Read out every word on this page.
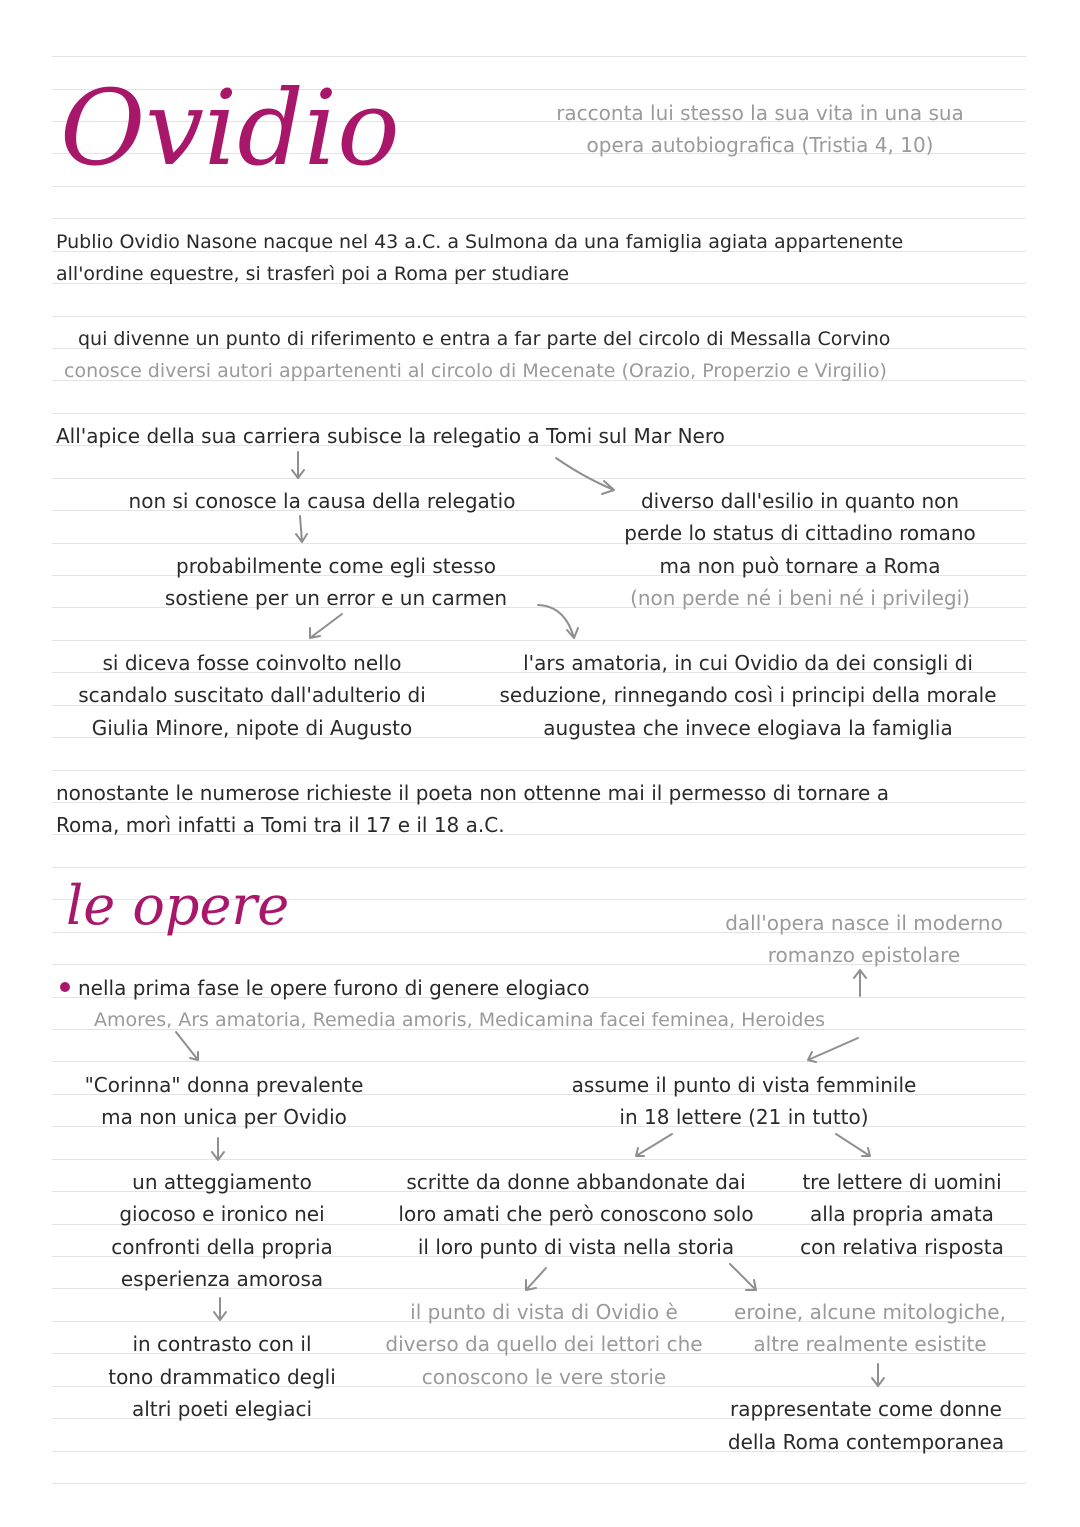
Ovidio	racconta lui stesso la sua vita in una sua
opera autobiografica (Tristia 4, 10)
Publio Ovidio Nasone nacque nel 43 a.C. a Sulmona da una famiglia agiata appartenente
all'ordine equestre, si trasferì poi a Roma per studiare
qui divenne un punto di riferimento e entra a far parte del circolo di Messalla Corvino
conosce diversi autori appartenenti al circolo di Mecenate (Orazio, Properzio e Virgilio)
All'apice della sua carriera subisce la relegatio a Tomi sul Mar Nero
non si conosce la causa della relegatio
probabilmente come egli stesso
sostiene per un error e un carmen
diverso dall'esilio in quanto non
perde lo status di cittadino romano
ma non può tornare a Roma
(non perde né i beni né i privilegi)
si diceva fosse coinvolto nello
scandalo suscitato dall'adulterio di
Giulia Minore, nipote di Augusto
l'ars amatoria, in cui Ovidio da dei consigli di
seduzione, rinnegando così i principi della morale
augustea che invece elogiava la famiglia
nonostante le numerose richieste il poeta non ottenne mai il permesso di tornare a
Roma, morì infatti a Tomi tra il 17 e il 18 a.C.
le opere	dall'opera nasce il moderno
romanzo epistolare
nella prima fase le opere furono di genere elogiaco
Amores, Ars amatoria, Remedia amoris, Medicamina facei feminea, Heroides
"Corinna" donna prevalente
ma non unica per Ovidio
assume il punto di vista femminile
in 18 lettere (21 in tutto)
un atteggiamento
giocoso e ironico nei
confronti della propria
esperienza amorosa
scritte da donne abbandonate dai
loro amati che però conoscono solo
il loro punto di vista nella storia
tre lettere di uomini
alla propria amata
con relativa risposta
il punto di vista di Ovidio è
diverso da quello dei lettori che
conoscono le vere storie
eroine, alcune mitologiche,
altre realmente esistite
in contrasto con il
tono drammatico degli
altri poeti elegiaci	rappresentate come donne
della Roma contemporanea
